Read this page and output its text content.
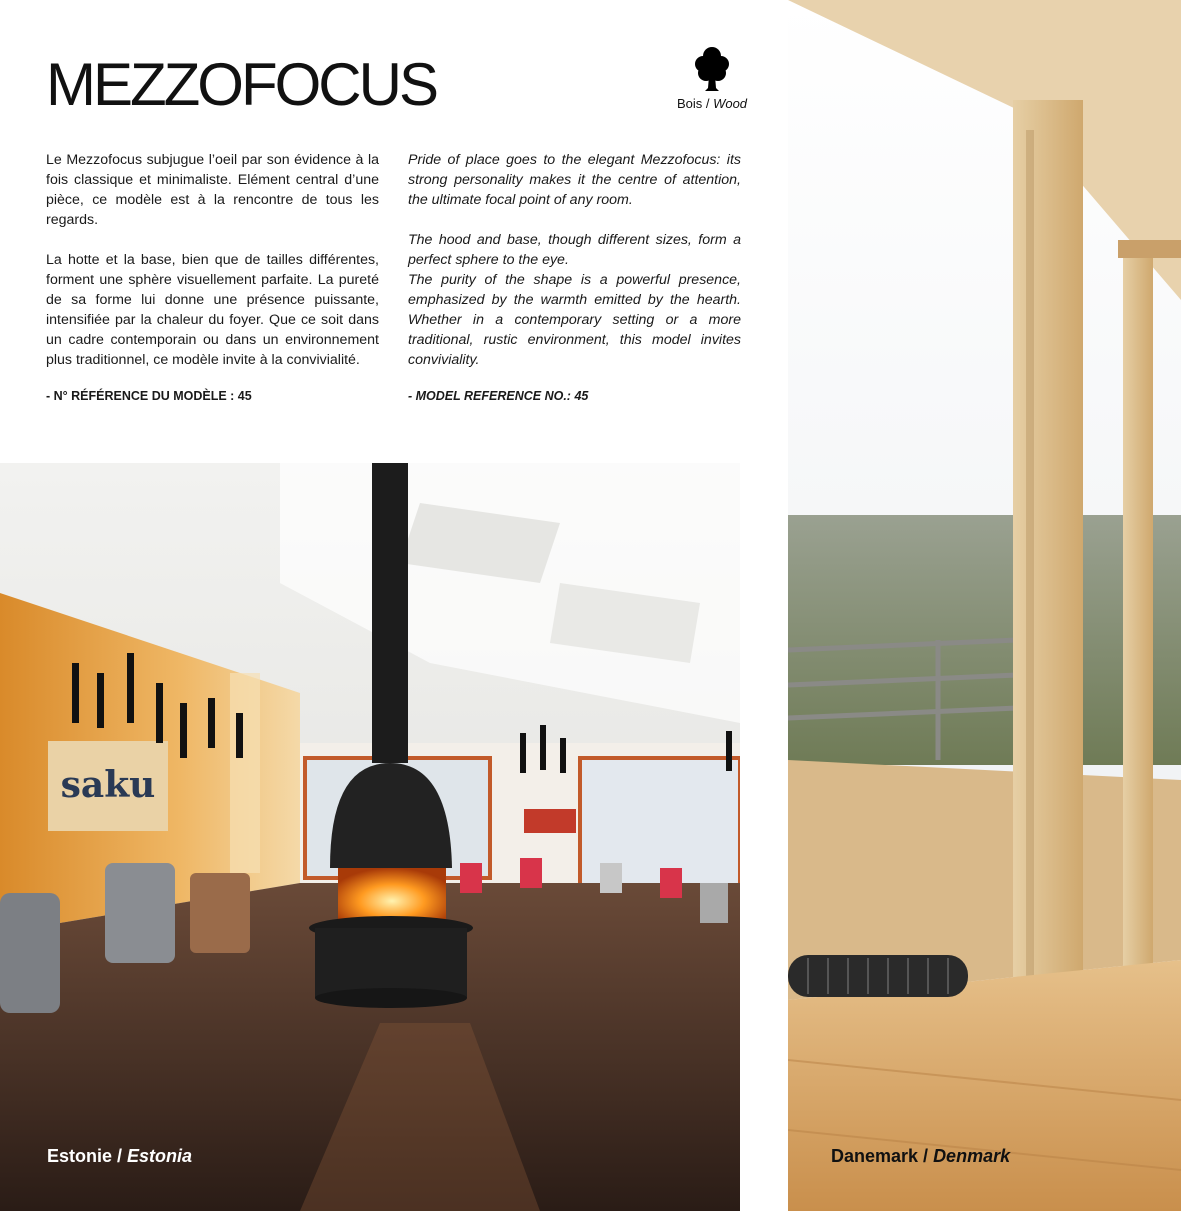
MEZZOFOCUS	Bois / Wood

Le Mezzofocus subjugue l’oeil par son évidence à la fois classique et minimaliste. Elément central d’une pièce, ce modèle est à la rencontre de tous les regards.

La hotte et la base, bien que de tailles différentes, forment une sphère visuellement parfaite. La pureté de sa forme lui donne une présence puissante, intensifiée par la chaleur du foyer. Que ce soit dans un cadre contemporain ou dans un environnement plus traditionnel, ce modèle invite à la convivialité.

- N° RÉFÉRENCE DU MODÈLE : 45

Pride of place goes to the elegant Mezzofocus: its strong personality makes it the centre of attention, the ultimate focal point of any room.

The hood and base, though different sizes, form a perfect sphere to the eye.
The purity of the shape is a powerful presence, emphasized by the warmth emitted by the hearth. Whether in a contemporary setting or a more traditional, rustic environment, this model invites conviviality.

- MODEL REFERENCE NO.: 45

saku
Estonie / Estonia	Danemark / Denmark
